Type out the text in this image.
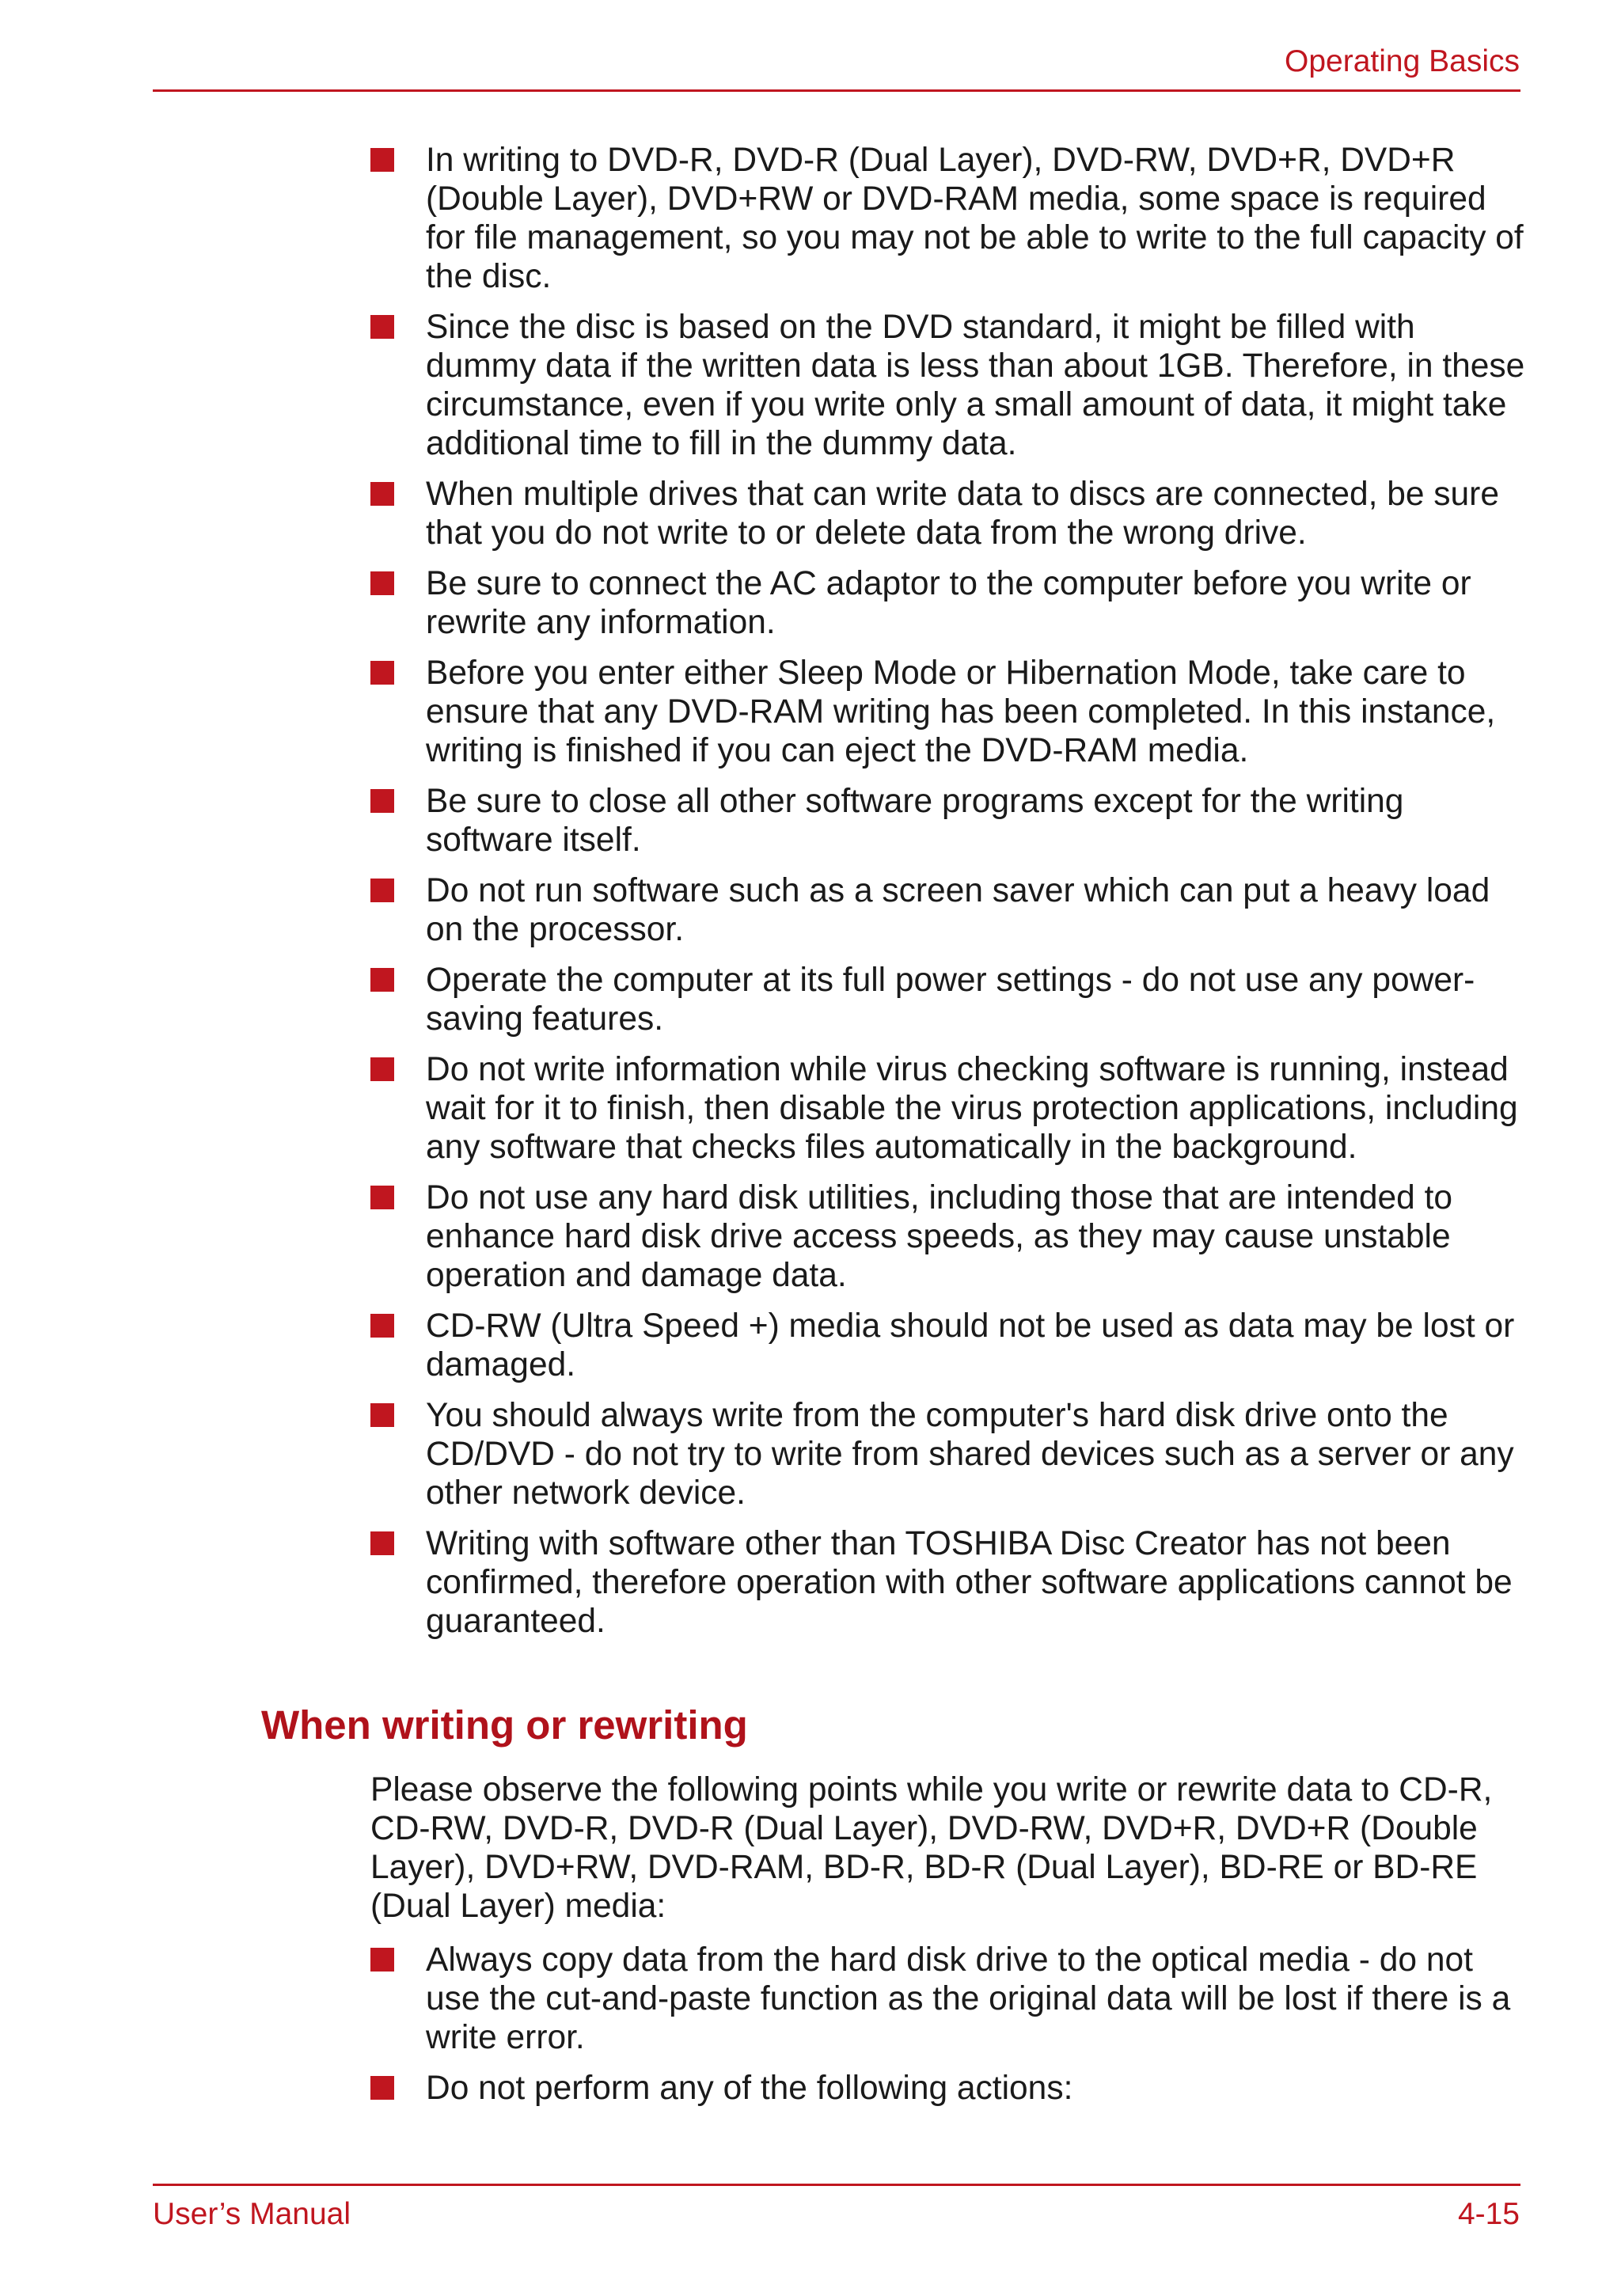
Operating Basics
In writing to DVD-R, DVD-R (Dual Layer), DVD-RW, DVD+R, DVD+R (Double Layer), DVD+RW or DVD-RAM media, some space is required for file management, so you may not be able to write to the full capacity of the disc.
Since the disc is based on the DVD standard, it might be filled with dummy data if the written data is less than about 1GB. Therefore, in these circumstance, even if you write only a small amount of data, it might take additional time to fill in the dummy data.
When multiple drives that can write data to discs are connected, be sure that you do not write to or delete data from the wrong drive.
Be sure to connect the AC adaptor to the computer before you write or rewrite any information.
Before you enter either Sleep Mode or Hibernation Mode, take care to ensure that any DVD-RAM writing has been completed. In this instance, writing is finished if you can eject the DVD-RAM media.
Be sure to close all other software programs except for the writing software itself.
Do not run software such as a screen saver which can put a heavy load on the processor.
Operate the computer at its full power settings - do not use any power-saving features.
Do not write information while virus checking software is running, instead wait for it to finish, then disable the virus protection applications, including any software that checks files automatically in the background.
Do not use any hard disk utilities, including those that are intended to enhance hard disk drive access speeds, as they may cause unstable operation and damage data.
CD-RW (Ultra Speed +) media should not be used as data may be lost or damaged.
You should always write from the computer's hard disk drive onto the CD/DVD - do not try to write from shared devices such as a server or any other network device.
Writing with software other than TOSHIBA Disc Creator has not been confirmed, therefore operation with other software applications cannot be guaranteed.
When writing or rewriting

Please observe the following points while you write or rewrite data to CD-R, CD-RW, DVD-R, DVD-R (Dual Layer), DVD-RW, DVD+R, DVD+R (Double Layer), DVD+RW, DVD-RAM, BD-R, BD-R (Dual Layer), BD-RE or BD-RE (Dual Layer) media:

Always copy data from the hard disk drive to the optical media - do not use the cut-and-paste function as the original data will be lost if there is a write error.
Do not perform any of the following actions:
User’s Manual	4-15
